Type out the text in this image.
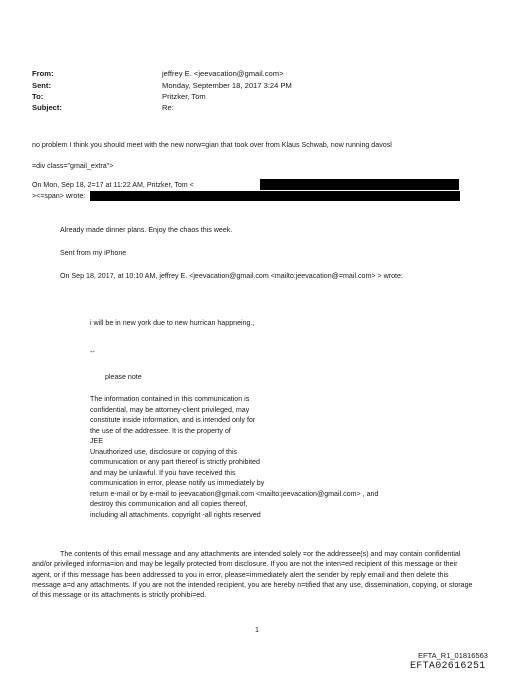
From:	jeffrey E. <jeevacation@gmail.com>
Sent:	Monday, September 18, 2017 3:24 PM
To:	Pritzker, Tom
Subject:	Re:
no problem I think you should meet with the new norw=gian that took over from Klaus Schwab, now running davosl
=div class="gmail_extra">
On Mon, Sep 18, 2=17 at 11:22 AM, Pritzker, Tom <
><=span> wrote:
Already made dinner plans. Enjoy the chaos this week.
Sent from my iPhone
On Sep 18, 2017, at 10:10 AM, jeffrey E. <jeevacation@gmail.com <mailto:jeevacation@=mail.com> > wrote:
i will be in new york due to new hurrican happneing.,
--
please note
The information contained in this communication is
confidential, may be attorney-client privileged, may
constitute inside information, and is intended only for
the use of the addressee. It is the property of
JEE
Unauthorized use, disclosure or copying of this
communication or any part thereof is strictly prohibited
and may be unlawful. If you have received this
communication in error, please notify us immediately by
return e-mail or by e-mail to jeevacation@gmail.com <mailto:jeevacation@gmail.com> , and
destroy this communication and all copies thereof,
including all attachments. copyright -all rights reserved
The contents of this email message and any attachments are intended solely =or the addressee(s) and may contain confidential and/or privileged informa=ion and may be legally protected from disclosure. If you are not the inten=ed recipient of this message or their agent, or if this message has been addressed to you in error, please=immediately alert the sender by reply email and then delete this message a=d any attachments. If you are not the intended recipient, you are hereby n=tified that any use, dissemination, copying, or storage of this message or its attachments is strictly prohibi=ed.
1
EFTA_R1_01816563
EFTA02616251
